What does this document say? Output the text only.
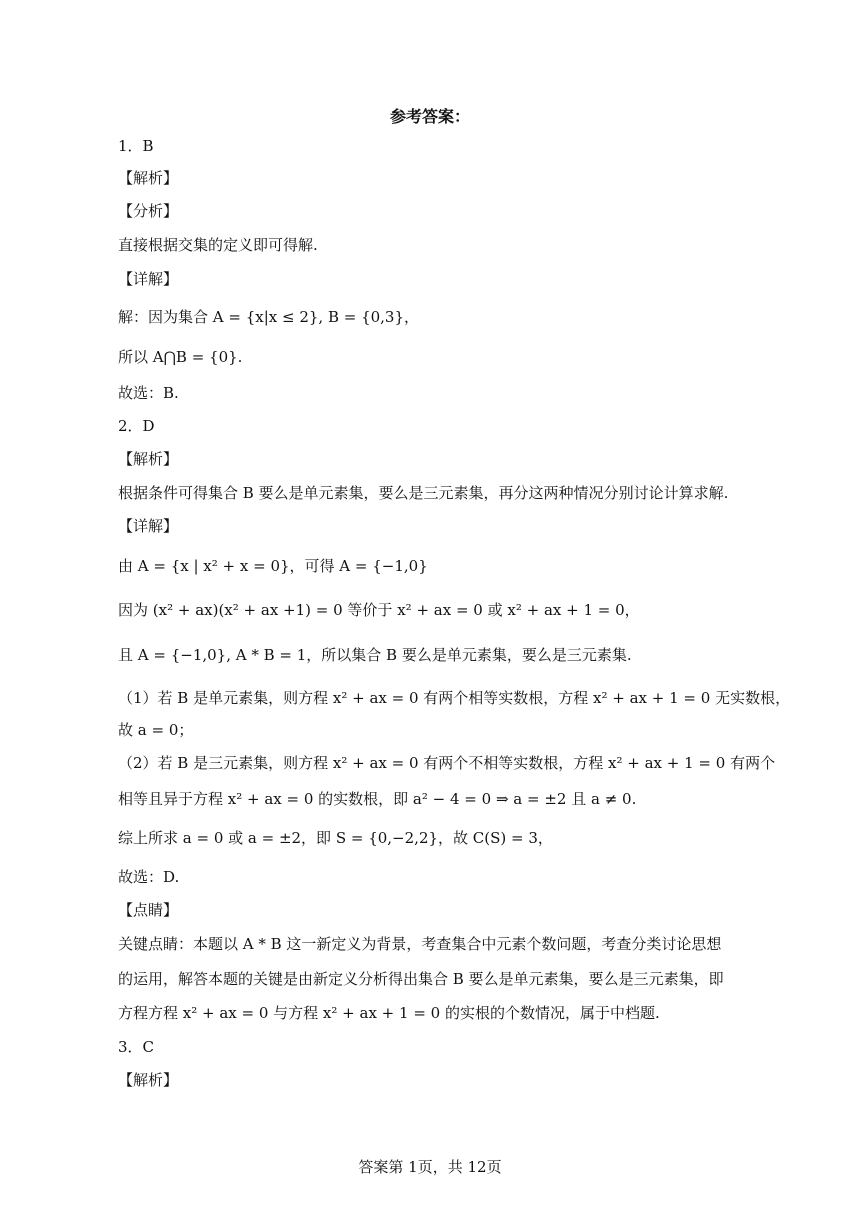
参考答案：
1．B
【解析】
【分析】
直接根据交集的定义即可得解.
【详解】
解：因为集合 A = {x|x ≤ 2}, B = {0,3}，
所以 A⋂B = {0}.
故选：B.
2．D
【解析】
根据条件可得集合 B 要么是单元素集，要么是三元素集，再分这两种情况分别讨论计算求解.
【详解】
由 A = {x | x² + x = 0}，可得 A = {−1,0}
因为 (x² + ax)(x² + ax +1) = 0 等价于 x² + ax = 0 或 x² + ax + 1 = 0，
且 A = {−1,0}, A * B = 1，所以集合 B 要么是单元素集，要么是三元素集.
（1）若 B 是单元素集，则方程 x² + ax = 0 有两个相等实数根，方程 x² + ax + 1 = 0 无实数根，
故 a = 0；
（2）若 B 是三元素集，则方程 x² + ax = 0 有两个不相等实数根，方程 x² + ax + 1 = 0 有两个
相等且异于方程 x² + ax = 0 的实数根，即 a² − 4 = 0 ⇒ a = ±2 且 a ≠ 0.
综上所求 a = 0 或 a = ±2，即 S = {0,−2,2}，故 C(S) = 3，
故选：D.
【点睛】
关键点睛：本题以 A * B 这一新定义为背景，考查集合中元素个数问题，考查分类讨论思想
的运用，解答本题的关键是由新定义分析得出集合 B 要么是单元素集，要么是三元素集，即
方程方程 x² + ax = 0 与方程 x² + ax + 1 = 0 的实根的个数情况，属于中档题.
3．C
【解析】
答案第 1页，共 12页
